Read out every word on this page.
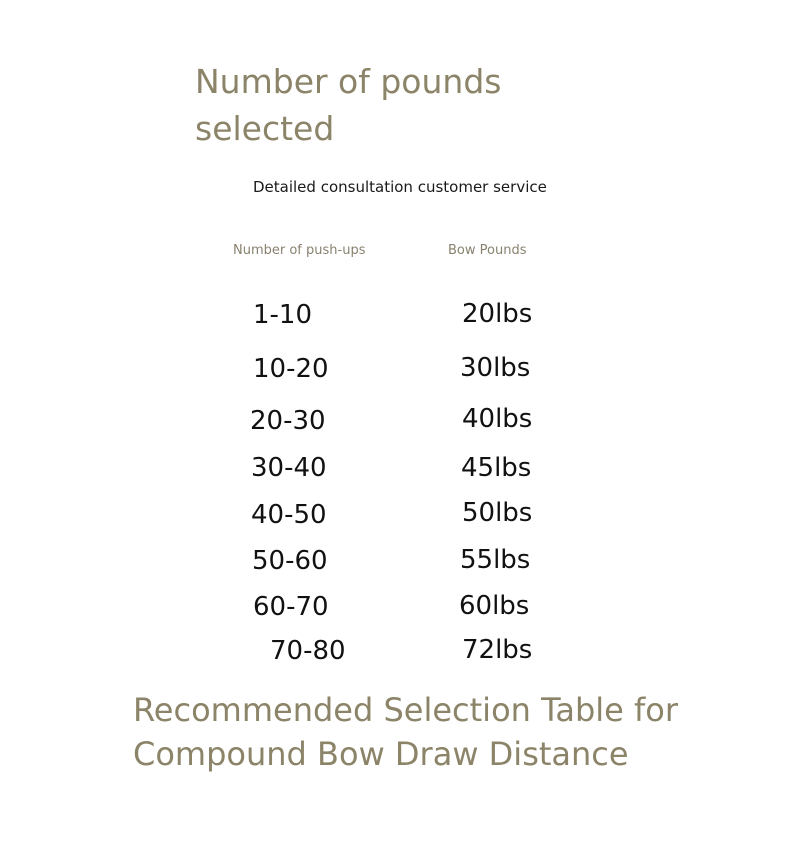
Number of pounds
selected

Detailed consultation customer service

Number of push-ups	Bow Pounds
1-10	20lbs
10-20	30lbs
20-30	40lbs
30-40	45lbs
40-50	50lbs
50-60	55lbs
60-70	60lbs
70-80	72lbs
Recommended Selection Table for Compound Bow Draw Distance
